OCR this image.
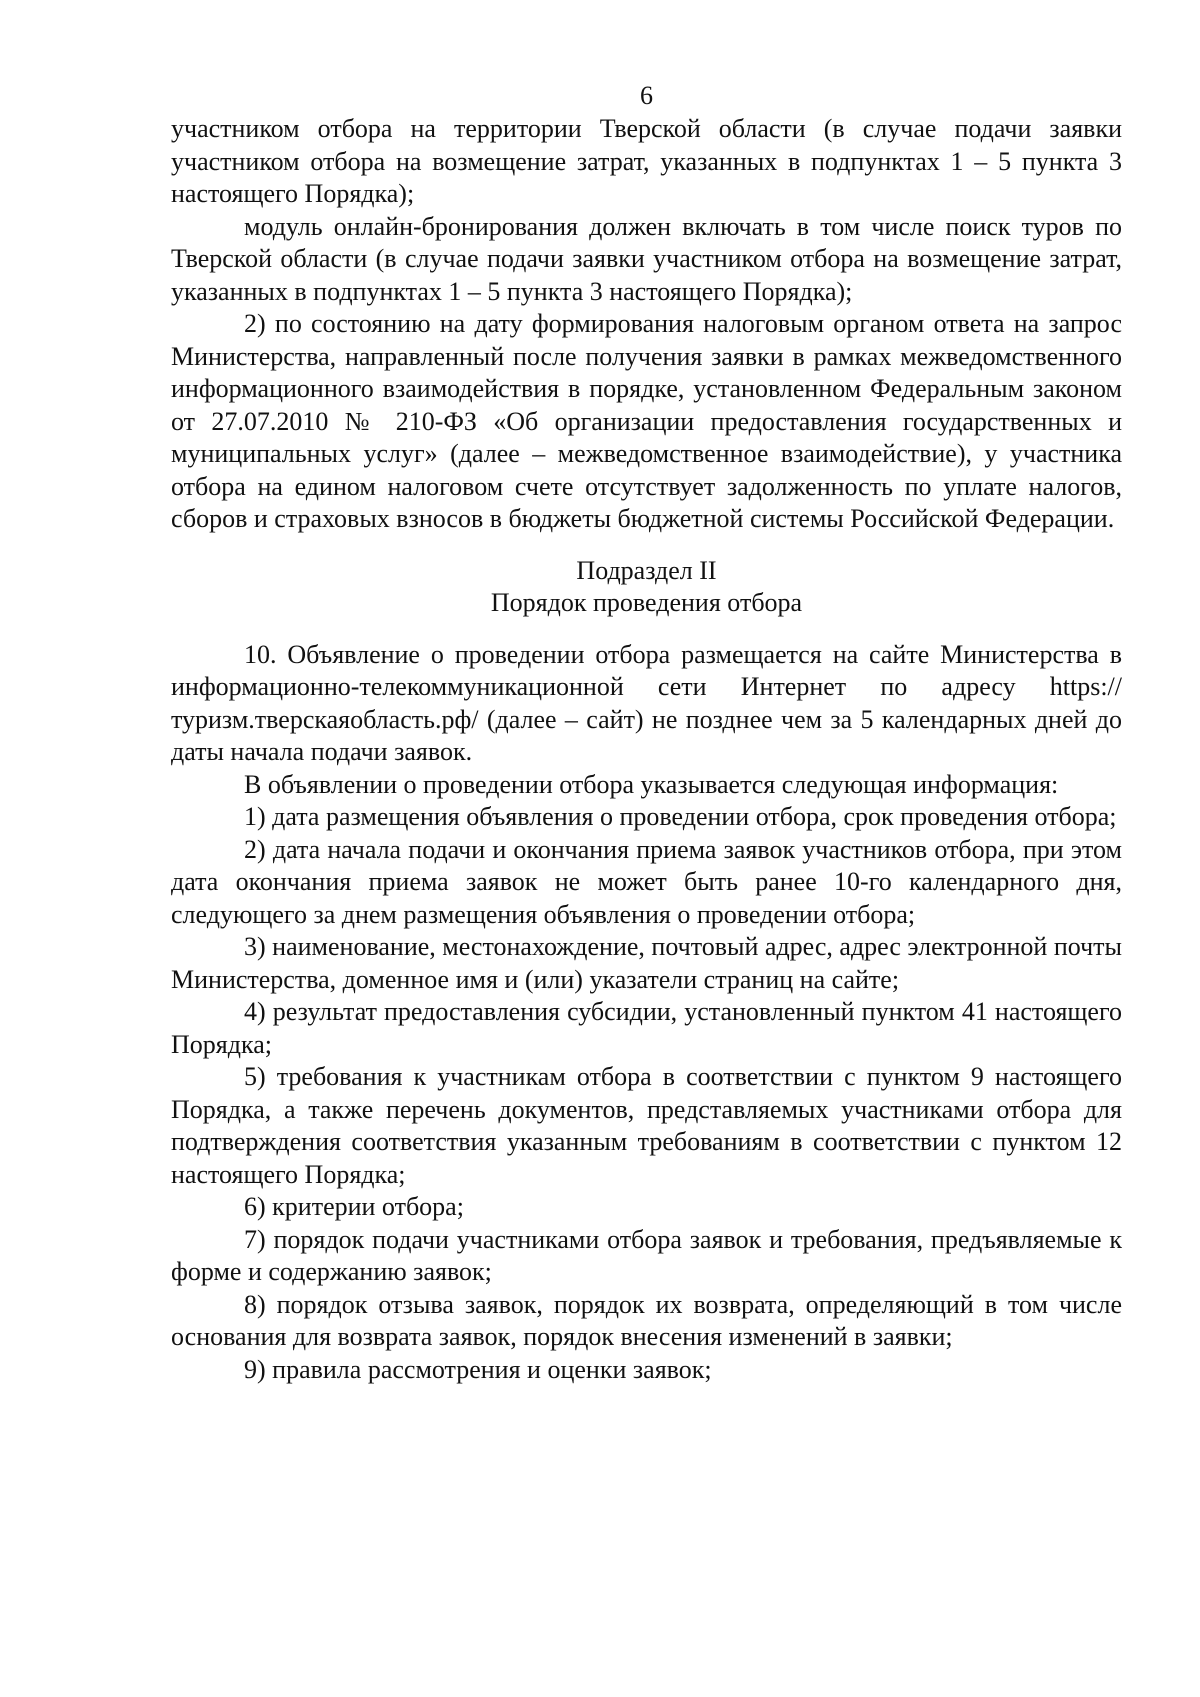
6

участником отбора на территории Тверской области (в случае подачи заявки участником отбора на возмещение затрат, указанных в подпунктах 1 – 5 пункта 3 настоящего Порядка);

модуль онлайн-бронирования должен включать в том числе поиск туров по Тверской области (в случае подачи заявки участником отбора на возмещение затрат, указанных в подпунктах 1 – 5 пункта 3 настоящего Порядка);

2) по состоянию на дату формирования налоговым органом ответа на запрос Министерства, направленный после получения заявки в рамках межведомственного информационного взаимодействия в порядке, установленном Федеральным законом от 27.07.2010 № 210-ФЗ «Об организации предоставления государственных и муниципальных услуг» (далее – межведомственное взаимодействие), у участника отбора на едином налоговом счете отсутствует задолженность по уплате налогов, сборов и страховых взносов в бюджеты бюджетной системы Российской Федерации.

Подраздел II

Порядок проведения отбора

10. Объявление о проведении отбора размещается на сайте Министерства в информационно-телекоммуникационной сети Интернет по адресу https://туризм.тверскаяобласть.рф/ (далее – сайт) не позднее чем за 5 календарных дней до даты начала подачи заявок.

В объявлении о проведении отбора указывается следующая информация:

1) дата размещения объявления о проведении отбора, срок проведения отбора;

2) дата начала подачи и окончания приема заявок участников отбора, при этом дата окончания приема заявок не может быть ранее 10-го календарного дня, следующего за днем размещения объявления о проведении отбора;

3) наименование, местонахождение, почтовый адрес, адрес электронной почты Министерства, доменное имя и (или) указатели страниц на сайте;

4) результат предоставления субсидии, установленный пунктом 41 настоящего Порядка;

5) требования к участникам отбора в соответствии с пунктом 9 настоящего Порядка, а также перечень документов, представляемых участниками отбора для подтверждения соответствия указанным требованиям в соответствии с пунктом 12 настоящего Порядка;

6) критерии отбора;

7) порядок подачи участниками отбора заявок и требования, предъявляемые к форме и содержанию заявок;

8) порядок отзыва заявок, порядок их возврата, определяющий в том числе основания для возврата заявок, порядок внесения изменений в заявки;

9) правила рассмотрения и оценки заявок;
